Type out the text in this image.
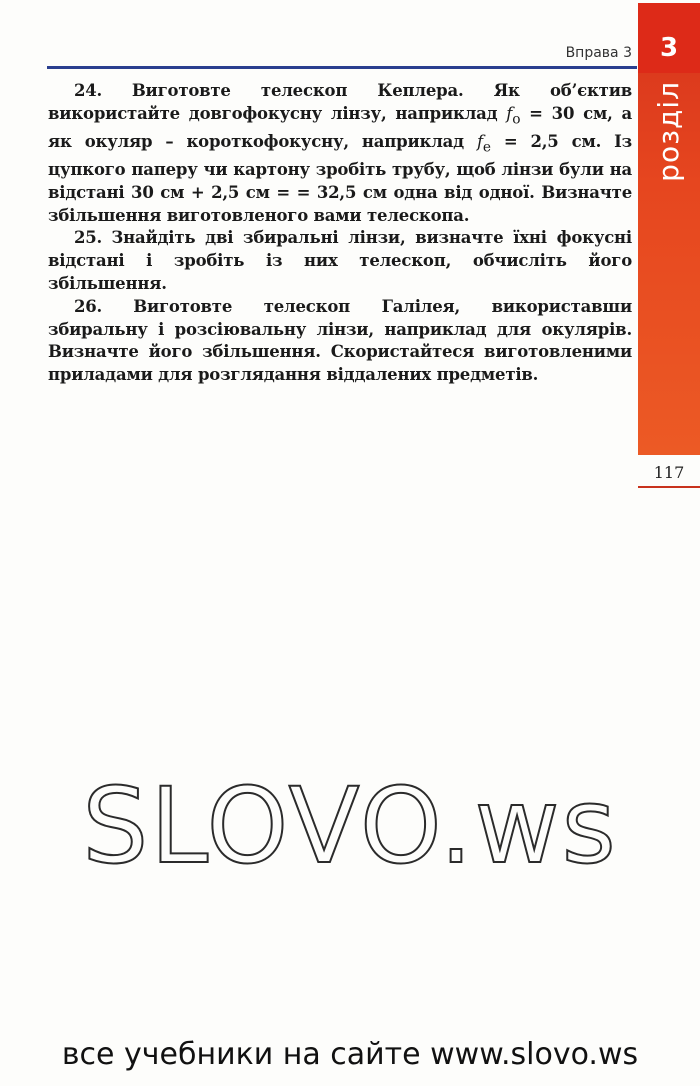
Вправа 3	3
розділ
117

24. Виготовте телескоп Кеплера. Як об’єктив використайте довгофокусну лінзу, наприклад $f_о = 30$ см, а як окуляр – короткофокусну, наприклад $f_е = 2,5$ см. Із цупкого паперу чи картону зробіть трубу, щоб лінзи були на відстані 30 см + 2,5 см = = 32,5 см одна від одної. Визначте збільшення виготовленого вами телескопа.

25. Знайдіть дві збиральні лінзи, визначте їхні фокусні відстані і зробіть із них телескоп, обчисліть його збільшення.

26. Виготовте телескоп Галілея, використавши збиральну і розсіювальну лінзи, наприклад для окулярів. Визначте його збільшення. Скористайтеся виготовленими приладами для розглядання віддалених предметів.

SLOVO.ws
все учебники на сайте www.slovo.ws
